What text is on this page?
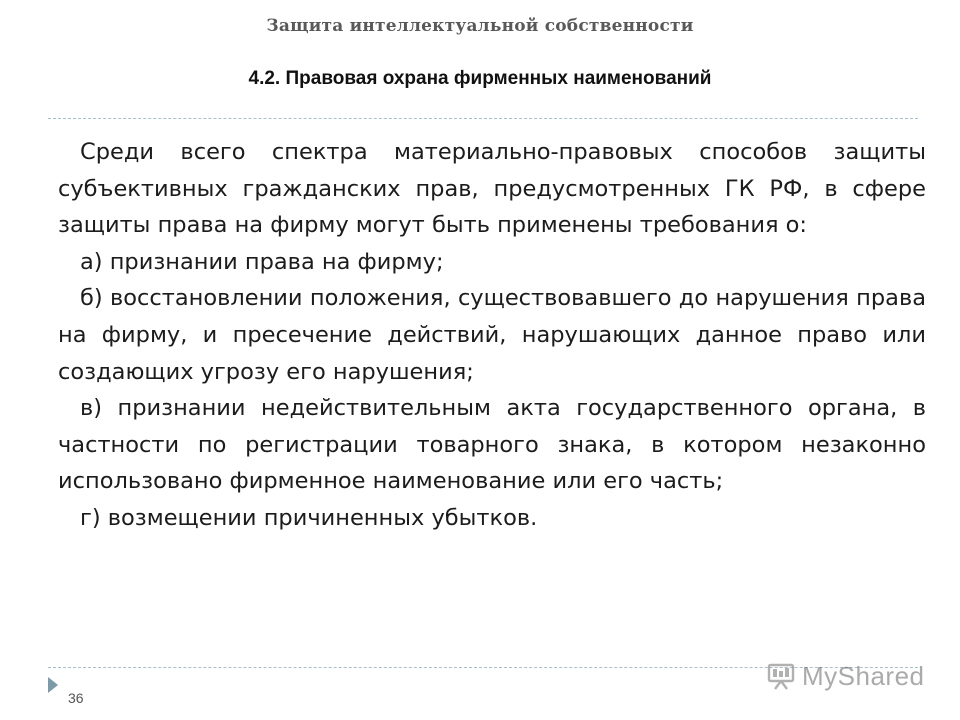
Защита интеллектуальной собственности
4.2. Правовая охрана фирменных наименований

Среди всего спектра материально-правовых способов защиты субъективных гражданских прав, предусмотренных ГК РФ, в сфере защиты права на фирму могут быть применены требования о:

а) признании права на фирму;

б) восстановлении положения, существовавшего до нарушения права на фирму, и пресечение действий, нарушающих данное право или создающих угрозу его нарушения;

в) признании недействительным акта государственного органа, в частности по регистрации товарного знака, в котором незаконно использовано фирменное наименование или его часть;

г) возмещении причиненных убытков.

36
MyShared
